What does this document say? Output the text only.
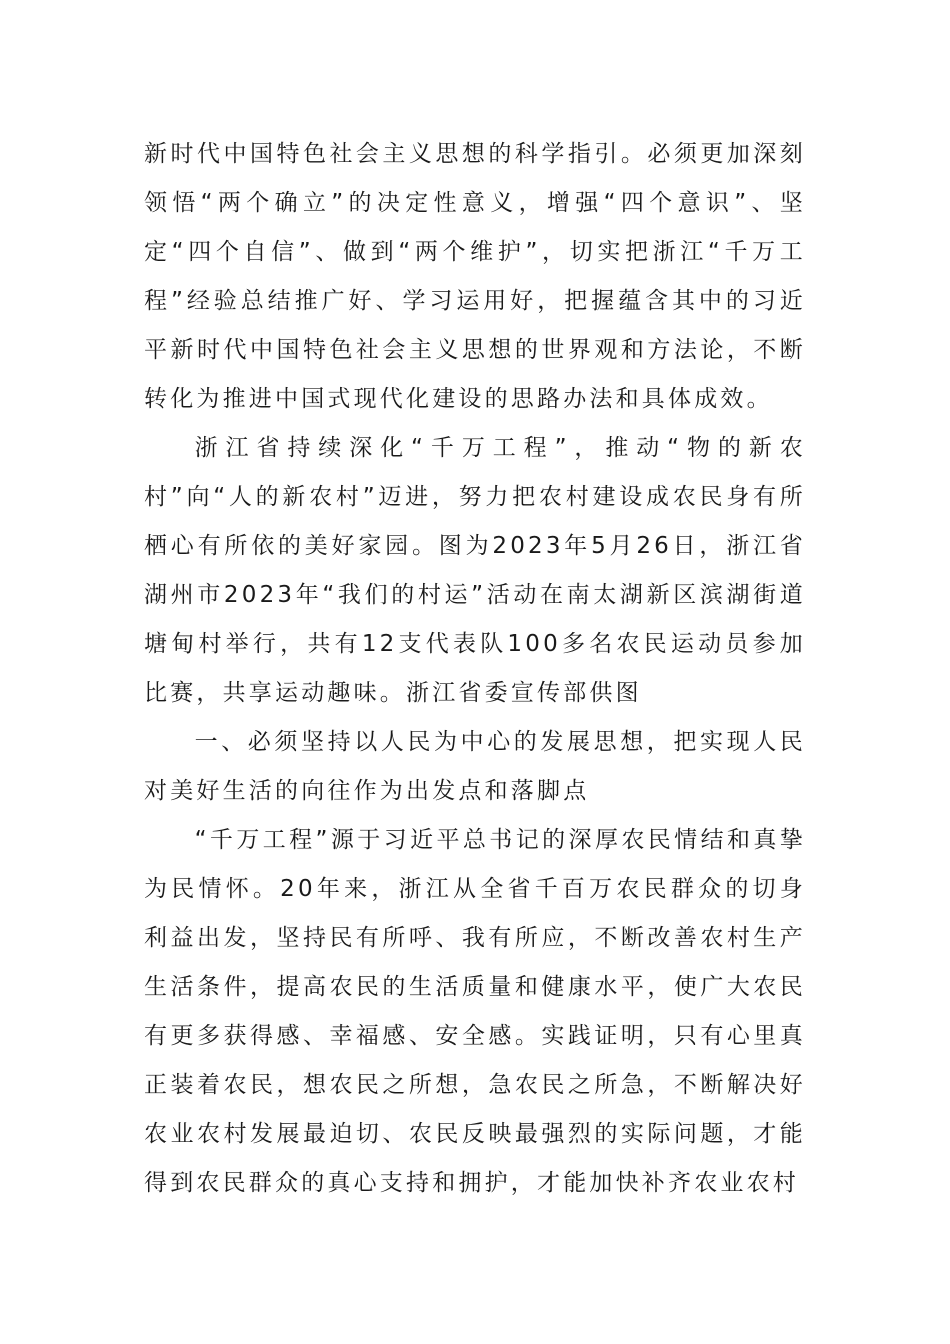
新时代中国特色社会主义思想的科学指引。必须更加深刻领悟“两个确立”的决定性意义，增强“四个意识”、坚定“四个自信”、做到“两个维护”，切实把浙江“千万工程”经验总结推广好、学习运用好，把握蕴含其中的习近平新时代中国特色社会主义思想的世界观和方法论，不断转化为推进中国式现代化建设的思路办法和具体成效。

浙江省持续深化“千万工程”，推动“物的新农村”向“人的新农村”迈进，努力把农村建设成农民身有所栖心有所依的美好家园。图为2023年5月26日，浙江省湖州市2023年“我们的村运”活动在南太湖新区滨湖街道塘甸村举行，共有12支代表队100多名农民运动员参加比赛，共享运动趣味。浙江省委宣传部供图

一、必须坚持以人民为中心的发展思想，把实现人民对美好生活的向往作为出发点和落脚点

“千万工程”源于习近平总书记的深厚农民情结和真挚为民情怀。20年来，浙江从全省千百万农民群众的切身利益出发，坚持民有所呼、我有所应，不断改善农村生产生活条件，提高农民的生活质量和健康水平，使广大农民有更多获得感、幸福感、安全感。实践证明，只有心里真正装着农民，想农民之所想，急农民之所急，不断解决好农业农村发展最迫切、农民反映最强烈的实际问题，才能得到农民群众的真心支持和拥护，才能加快补齐农业农村
